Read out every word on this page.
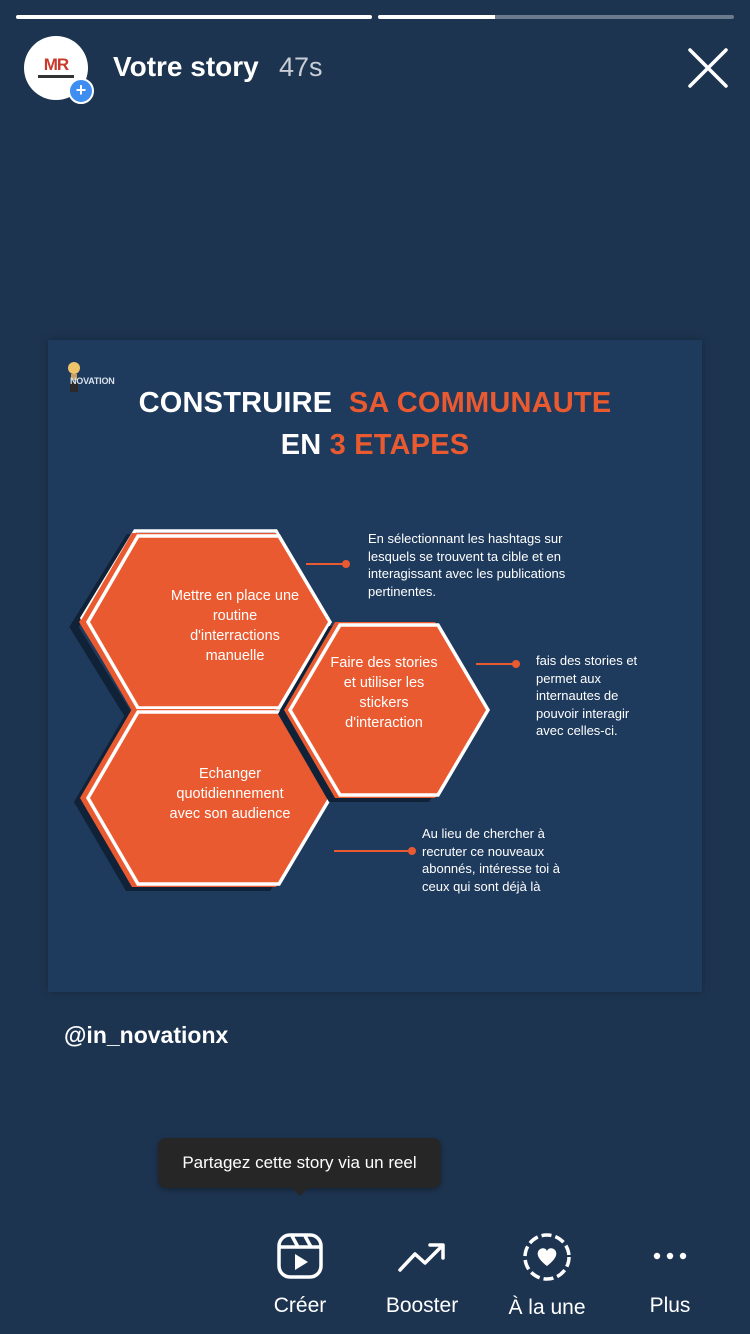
MR
+
Votre story 47s
NOVATION
CONSTRUIRE SA COMMUNAUTE
EN 3 ETAPES
Mettre en place une routine d'interractions manuelle	Faire des stories et utiliser les stickers d'interaction
Echanger quotidiennement avec son audience
En sélectionnant les hashtags sur lesquels se trouvent ta cible et en interagissant avec les publications pertinentes.
fais des stories et permet aux internautes de pouvoir interagir avec celles-ci.
Au lieu de chercher à recruter ce nouveaux abonnés, intéresse toi à ceux qui sont déjà là
@in_novationx
Partagez cette story via un reel
Créer	Booster	À la une	Plus
